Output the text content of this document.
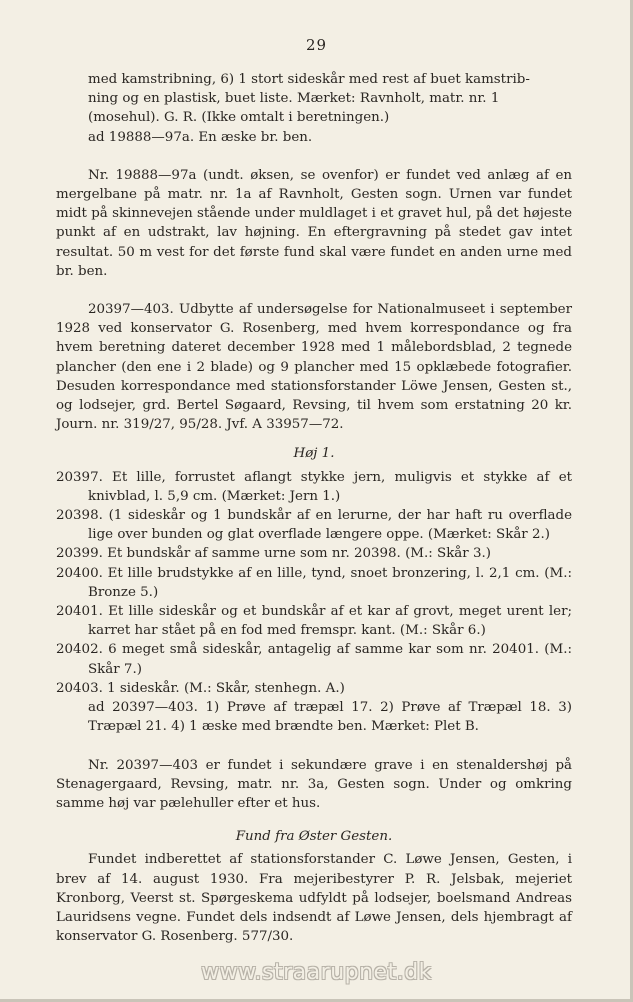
29

med kamstribning, 6) 1 stort sideskår med rest af buet kamstrib-

ning og en plastisk, buet liste. Mærket: Ravnholt, matr. nr. 1

(mosehul). G. R. (Ikke omtalt i beretningen.)

ad 19888—97a. En æske br. ben.

Nr. 19888—97a (undt. øksen, se ovenfor) er fundet ved anlæg af en mergelbane på matr. nr. 1a af Ravnholt, Gesten sogn. Urnen var fundet midt på skinnevejen stående under muldlaget i et gravet hul, på det højeste punkt af en udstrakt, lav højning. En eftergravning på stedet gav intet resultat. 50 m vest for det første fund skal være fundet en anden urne med br. ben.

20397—403. Udbytte af undersøgelse for Nationalmuseet i september 1928 ved konservator G. Rosenberg, med hvem korrespondance og fra hvem beretning dateret december 1928 med 1 målebordsblad, 2 tegnede plancher (den ene i 2 blade) og 9 plancher med 15 opklæbede fotografier. Desuden korrespondance med stationsforstander Löwe Jensen, Gesten st., og lodsejer, grd. Bertel Søgaard, Revsing, til hvem som erstatning 20 kr. Journ. nr. 319/27, 95/28. Jvf. A 33957—72.

Høj 1.

20397. Et lille, forrustet aflangt stykke jern, muligvis et stykke af et knivblad, l. 5,9 cm. (Mærket: Jern 1.)

20398. (1 sideskår og 1 bundskår af en lerurne, der har haft ru overflade lige over bunden og glat overflade længere oppe. (Mærket: Skår 2.)

20399. Et bundskår af samme urne som nr. 20398. (M.: Skår 3.)

20400. Et lille brudstykke af en lille, tynd, snoet bronzering, l. 2,1 cm. (M.: Bronze 5.)

20401. Et lille sideskår og et bundskår af et kar af grovt, meget urent ler; karret har stået på en fod med fremspr. kant. (M.: Skår 6.)

20402. 6 meget små sideskår, antagelig af samme kar som nr. 20401. (M.: Skår 7.)

20403. 1 sideskår. (M.: Skår, stenhegn. A.)

ad 20397—403. 1) Prøve af træpæl 17. 2) Prøve af Træpæl 18. 3) Træpæl 21. 4) 1 æske med brændte ben. Mærket: Plet B.

Nr. 20397—403 er fundet i sekundære grave i en stenaldershøj på Stenagergaard, Revsing, matr. nr. 3a, Gesten sogn. Under og omkring samme høj var pælehuller efter et hus.

Fund fra Øster Gesten.

Fundet indberettet af stationsforstander C. Løwe Jensen, Gesten, i brev af 14. august 1930. Fra mejeribestyrer P. R. Jelsbak, mejeriet Kronborg, Veerst st. Spørgeskema udfyldt på lodsejer, boelsmand Andreas Lauridsens vegne. Fundet dels indsendt af Løwe Jensen, dels hjembragt af konservator G. Rosenberg. 577/30.

www.straarupnet.dk
